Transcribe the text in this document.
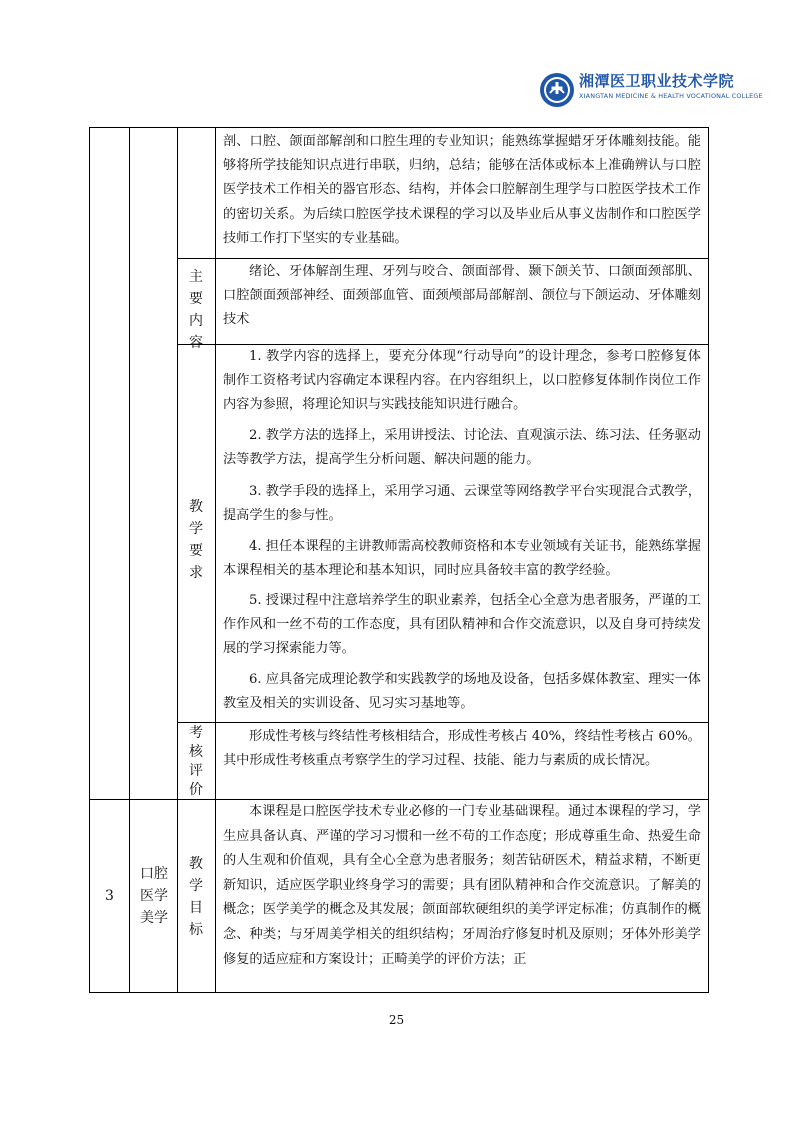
湘潭医卫职业技术学院
XIANGTAN MEDICINE & HEALTH VOCATIONAL COLLEGE

剖、口腔、颌面部解剖和口腔生理的专业知识；能熟练掌握蜡牙牙体雕刻技能。能够将所学技能知识点进行串联，归纳，总结；能够在活体或标本上准确辨认与口腔医学技术工作相关的器官形态、结构，并体会口腔解剖生理学与口腔医学技术工作的密切关系。为后续口腔医学技术课程的学习以及毕业后从事义齿制作和口腔医学技师工作打下坚实的专业基础。

主要内容

绪论、牙体解剖生理、牙列与咬合、颌面部骨、颞下颌关节、口颌面颈部肌、口腔颌面颈部神经、面颈部血管、面颈颅部局部解剖、颌位与下颌运动、牙体雕刻技术

教学要求

1. 教学内容的选择上，要充分体现“行动导向”的设计理念，参考口腔修复体制作工资格考试内容确定本课程内容。在内容组织上，以口腔修复体制作岗位工作内容为参照，将理论知识与实践技能知识进行融合。

2. 教学方法的选择上，采用讲授法、讨论法、直观演示法、练习法、任务驱动法等教学方法，提高学生分析问题、解决问题的能力。

3. 教学手段的选择上，采用学习通、云课堂等网络教学平台实现混合式教学，提高学生的参与性。

4. 担任本课程的主讲教师需高校教师资格和本专业领域有关证书，能熟练掌握本课程相关的基本理论和基本知识，同时应具备较丰富的教学经验。

5. 授课过程中注意培养学生的职业素养，包括全心全意为患者服务，严谨的工作作风和一丝不苟的工作态度，具有团队精神和合作交流意识，以及自身可持续发展的学习探索能力等。

6. 应具备完成理论教学和实践教学的场地及设备，包括多媒体教室、理实一体教室及相关的实训设备、见习实习基地等。

考核评价

形成性考核与终结性考核相结合，形成性考核占 40%，终结性考核占 60%。其中形成性考核重点考察学生的学习过程、技能、能力与素质的成长情况。

3
口腔医学美学
教学目标

本课程是口腔医学技术专业必修的一门专业基础课程。通过本课程的学习，学生应具备认真、严谨的学习习惯和一丝不苟的工作态度；形成尊重生命、热爱生命的人生观和价值观，具有全心全意为患者服务；刻苦钻研医术，精益求精，不断更新知识，适应医学职业终身学习的需要；具有团队精神和合作交流意识。了解美的概念；医学美学的概念及其发展；颌面部软硬组织的美学评定标准；仿真制作的概念、种类；与牙周美学相关的组织结构；牙周治疗修复时机及原则；牙体外形美学修复的适应症和方案设计；正畸美学的评价方法；正

25
